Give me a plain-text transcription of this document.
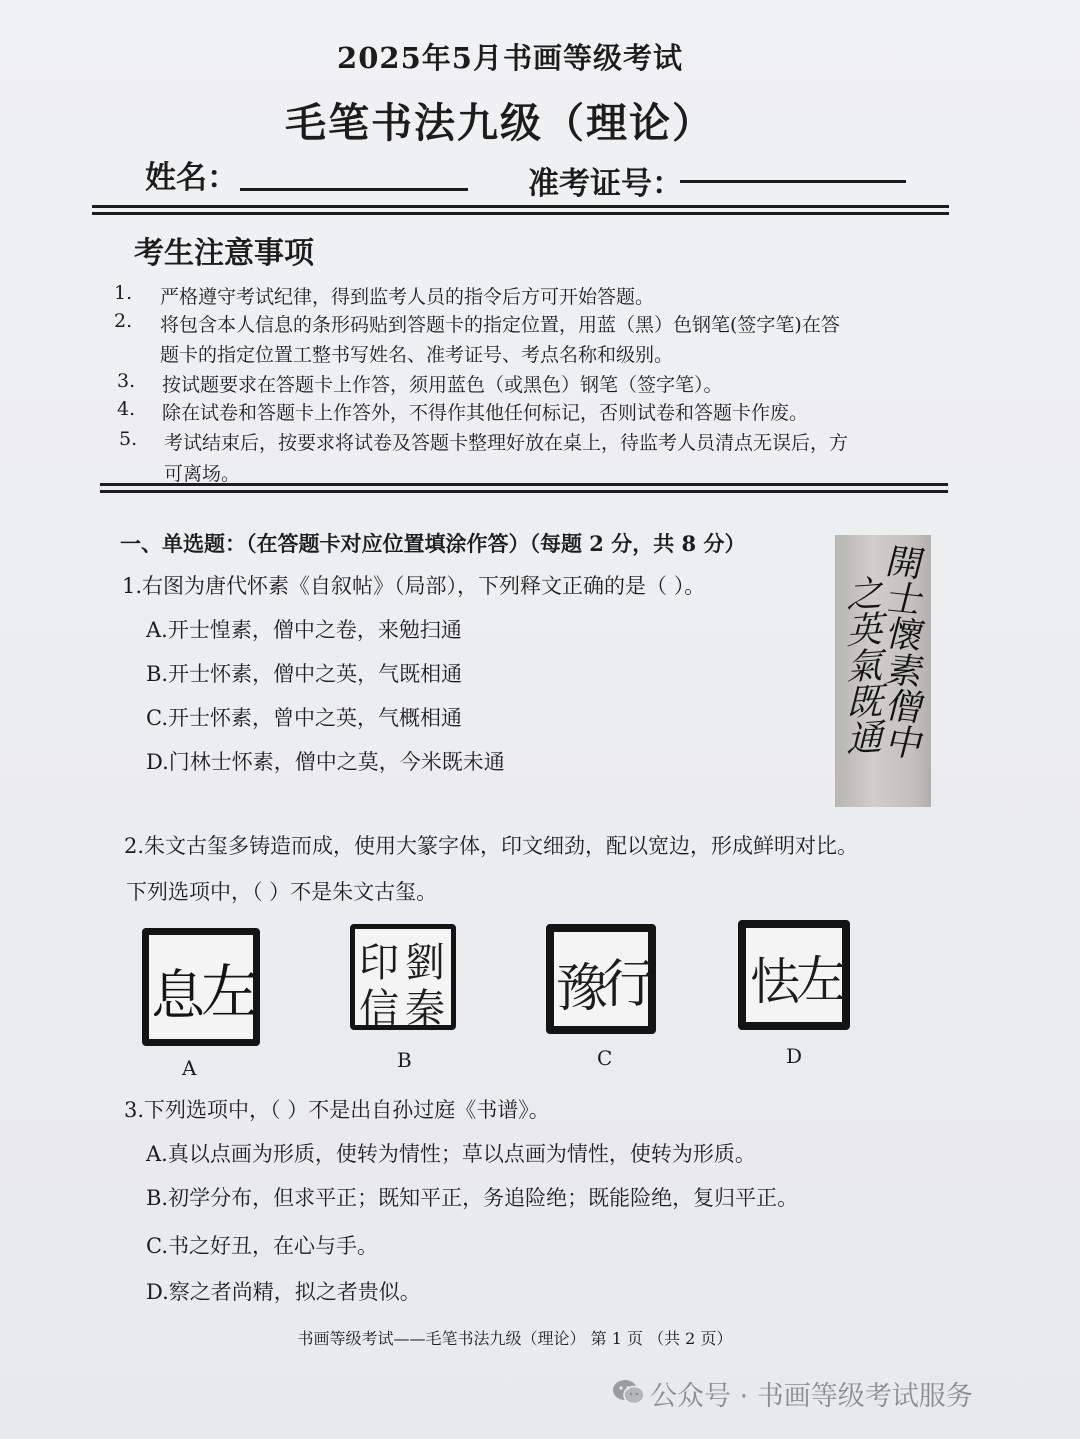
2025年5月书画等级考试
毛笔书法九级（理论）
姓名：	准考证号：
考生注意事项
1. 严格遵守考试纪律，得到监考人员的指令后方可开始答题。
2. 将包含本人信息的条形码贴到答题卡的指定位置，用蓝（黑）色钢笔(签字笔)在答
题卡的指定位置工整书写姓名、准考证号、考点名称和级别。
3. 按试题要求在答题卡上作答，须用蓝色（或黑色）钢笔（签字笔）。
4. 除在试卷和答题卡上作答外，不得作其他任何标记，否则试卷和答题卡作废。
5. 考试结束后，按要求将试卷及答题卡整理好放在桌上，待监考人员清点无误后，方
可离场。
一、单选题：（在答题卡对应位置填涂作答）（每题 2 分，共 8 分）
1.右图为唐代怀素《自叙帖》（局部），下列释文正确的是（ ）。
A.开士惶素，僧中之卷，来勉扫通
B.开士怀素，僧中之英，气既相通
C.开士怀素，曾中之英，气概相通
D.门林士怀素，僧中之莫，今米既未通
開士懷素僧中
之英氣既通
2.朱文古玺多铸造而成，使用大篆字体，印文细劲，配以宽边，形成鲜明对比。
下列选项中，（ ）不是朱文古玺。
左
息
A
劉
秦
印
信
B
行
豫
C
左
怯
D
3.下列选项中，（ ）不是出自孙过庭《书谱》。
A.真以点画为形质，使转为情性；草以点画为情性，使转为形质。
B.初学分布，但求平正；既知平正，务追险绝；既能险绝，复归平正。
C.书之好丑，在心与手。
D.察之者尚精，拟之者贵似。
书画等级考试——毛笔书法九级（理论） 第 1 页 （共 2 页）
公众号 · 书画等级考试服务
